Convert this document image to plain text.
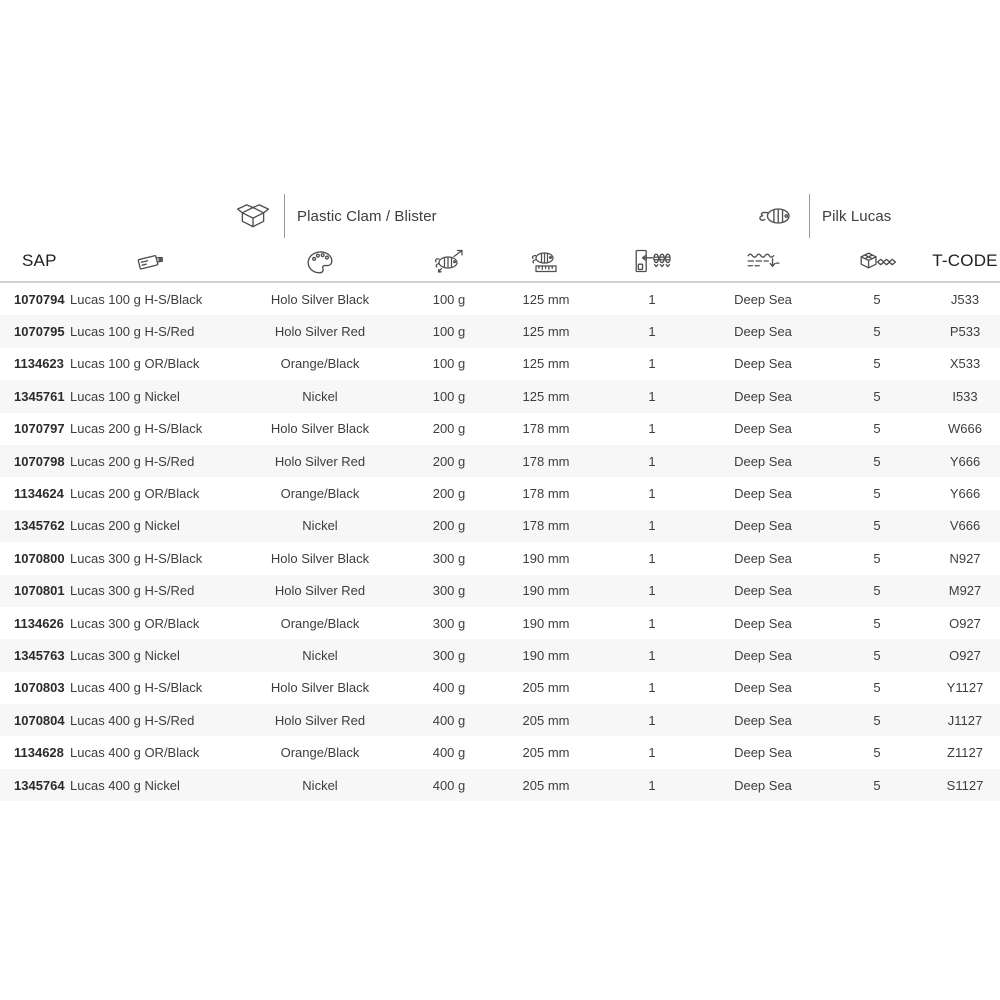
Plastic Clam / Blister	Pilk Lucas
SAP	T-CODE
1070794 Lucas 100 g H-S/Black	Holo Silver Black	100 g	125 mm	1	Deep Sea	5	J533
1070795 Lucas 100 g H-S/Red	Holo Silver Red	100 g	125 mm	1	Deep Sea	5	P533
1134623 Lucas 100 g OR/Black	Orange/Black	100 g	125 mm	1	Deep Sea	5	X533
1345761 Lucas 100 g Nickel	Nickel	100 g	125 mm	1	Deep Sea	5	I533
1070797 Lucas 200 g H-S/Black	Holo Silver Black	200 g	178 mm	1	Deep Sea	5	W666
1070798 Lucas 200 g H-S/Red	Holo Silver Red	200 g	178 mm	1	Deep Sea	5	Y666
1134624 Lucas 200 g OR/Black	Orange/Black	200 g	178 mm	1	Deep Sea	5	Y666
1345762 Lucas 200 g Nickel	Nickel	200 g	178 mm	1	Deep Sea	5	V666
1070800 Lucas 300 g H-S/Black	Holo Silver Black	300 g	190 mm	1	Deep Sea	5	N927
1070801 Lucas 300 g H-S/Red	Holo Silver Red	300 g	190 mm	1	Deep Sea	5	M927
1134626 Lucas 300 g OR/Black	Orange/Black	300 g	190 mm	1	Deep Sea	5	O927
1345763 Lucas 300 g Nickel	Nickel	300 g	190 mm	1	Deep Sea	5	O927
1070803 Lucas 400 g H-S/Black	Holo Silver Black	400 g	205 mm	1	Deep Sea	5	Y1127
1070804 Lucas 400 g H-S/Red	Holo Silver Red	400 g	205 mm	1	Deep Sea	5	J1127
1134628 Lucas 400 g OR/Black	Orange/Black	400 g	205 mm	1	Deep Sea	5	Z1127
1345764 Lucas 400 g Nickel	Nickel	400 g	205 mm	1	Deep Sea	5	S1127
